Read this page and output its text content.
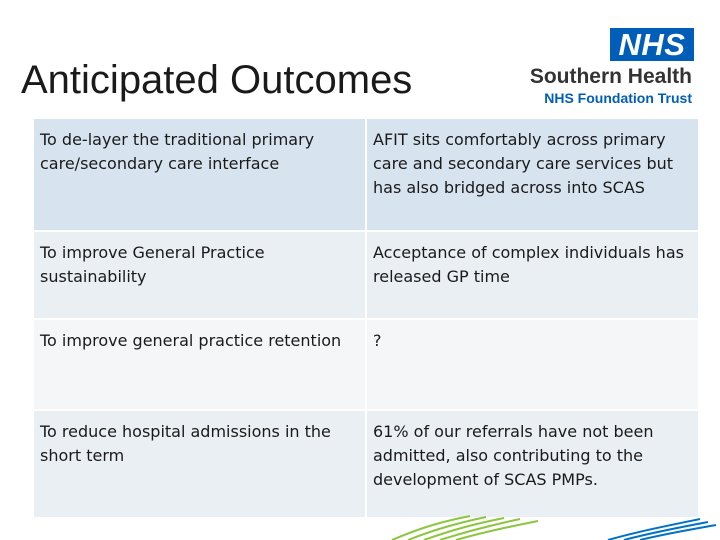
Anticipated Outcomes
NHS
Southern Health
NHS Foundation Trust
To de-layer the traditional primary care/secondary care interface	AFIT sits comfortably across primary care and secondary care services but has also bridged across into SCAS
To improve General Practice sustainability	Acceptance of complex individuals has released GP time
To improve general practice retention	?
To reduce hospital admissions in the short term	61% of our referrals have not been admitted, also contributing to the development of SCAS PMPs.
